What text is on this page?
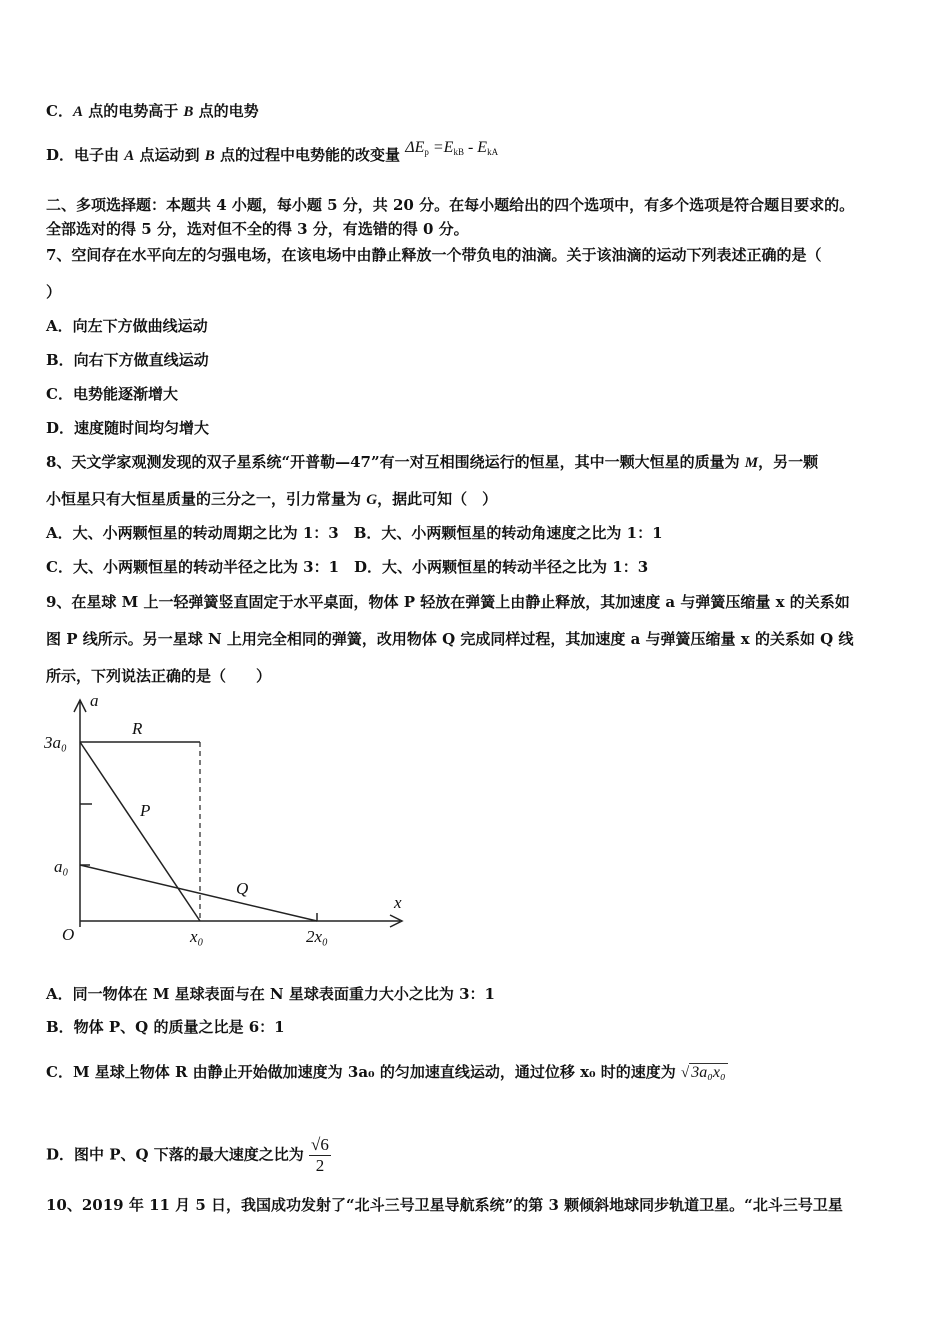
C．A 点的电势高于 B 点的电势
D．电子由 A 点运动到 B 点的过程中电势能的改变量 $\Delta E_p =E_{kB} - E_{kA}$
二、多项选择题：本题共 4 小题，每小题 5 分，共 20 分。在每小题给出的四个选项中，有多个选项是符合题目要求的。
全部选对的得 5 分，选对但不全的得 3 分，有选错的得 0 分。
7、空间存在水平向左的匀强电场，在该电场中由静止释放一个带负电的油滴。关于该油滴的运动下列表述正确的是（
）
A．向左下方做曲线运动
B．向右下方做直线运动
C．电势能逐渐增大
D．速度随时间均匀增大
8、天文学家观测发现的双子星系统“开普勒—47”有一对互相围绕运行的恒星，其中一颗大恒星的质量为 M，另一颗
小恒星只有大恒星质量的三分之一，引力常量为 G，据此可知（　）
A．大、小两颗恒星的转动周期之比为 1：3　B．大、小两颗恒星的转动角速度之比为 1：1
C．大、小两颗恒星的转动半径之比为 3：1　D．大、小两颗恒星的转动半径之比为 1：3
9、在星球 M 上一轻弹簧竖直固定于水平桌面，物体 P 轻放在弹簧上由静止释放，其加速度 a 与弹簧压缩量 x 的关系如
图 P 线所示。另一星球 N 上用完全相同的弹簧，改用物体 Q 完成同样过程，其加速度 a 与弹簧压缩量 x 的关系如 Q 线
所示，下列说法正确的是（　　）
a
x
O
3a₀
a₀
x₀	2x₀
R
P
Q
A．同一物体在 M 星球表面与在 N 星球表面重力大小之比为 3：1
B．物体 P、Q 的质量之比是 6：1
C．M 星球上物体 R 由静止开始做加速度为 3a₀ 的匀加速直线运动，通过位移 x₀ 时的速度为 √ 3a₀x₀
D．图中 P、Q 下落的最大速度之比为 $\frac{√6}{2}$
10、2019 年 11 月 5 日，我国成功发射了“北斗三号卫星导航系统”的第 3 颗倾斜地球同步轨道卫星。“北斗三号卫星
